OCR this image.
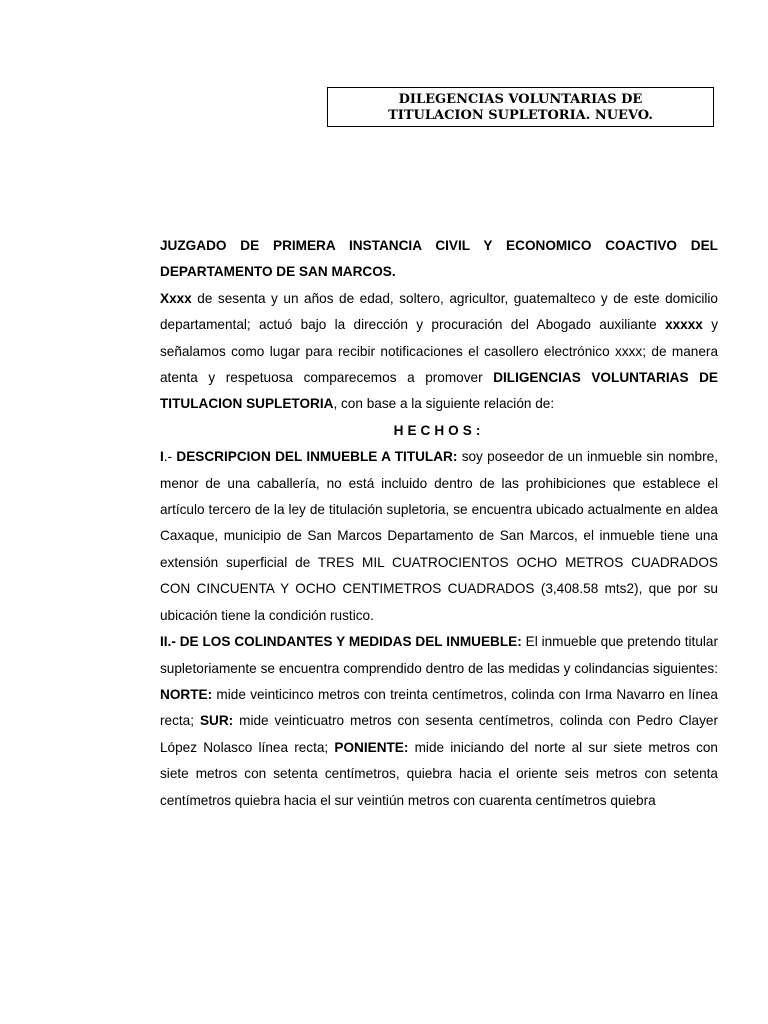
DILEGENCIAS VOLUNTARIAS DE
TITULACION SUPLETORIA. NUEVO.

JUZGADO DE PRIMERA INSTANCIA CIVIL Y ECONOMICO COACTIVO DEL DEPARTAMENTO DE SAN MARCOS.

Xxxx de sesenta y un años de edad, soltero, agricultor, guatemalteco y de este domicilio departamental; actuó bajo la dirección y procuración del Abogado auxiliante xxxxx y señalamos como lugar para recibir notificaciones el casollero electrónico xxxx; de manera atenta y respetuosa comparecemos a promover DILIGENCIAS VOLUNTARIAS DE TITULACION SUPLETORIA, con base a la siguiente relación de:

HECHOS:

I.- DESCRIPCION DEL INMUEBLE A TITULAR: soy poseedor de un inmueble sin nombre, menor de una caballería, no está incluido dentro de las prohibiciones que establece el artículo tercero de la ley de titulación supletoria, se encuentra ubicado actualmente en aldea Caxaque, municipio de San Marcos Departamento de San Marcos, el inmueble tiene una extensión superficial de TRES MIL CUATROCIENTOS OCHO METROS CUADRADOS CON CINCUENTA Y OCHO CENTIMETROS CUADRADOS (3,408.58 mts2), que por su ubicación tiene la condición rustico.

II.- DE LOS COLINDANTES Y MEDIDAS DEL INMUEBLE: El inmueble que pretendo titular supletoriamente se encuentra comprendido dentro de las medidas y colindancias siguientes: NORTE: mide veinticinco metros con treinta centímetros, colinda con Irma Navarro en línea recta; SUR: mide veinticuatro metros con sesenta centímetros, colinda con Pedro Clayer López Nolasco línea recta; PONIENTE: mide iniciando del norte al sur siete metros con siete metros con setenta centímetros, quiebra hacia el oriente seis metros con setenta centímetros quiebra hacia el sur veintiún metros con cuarenta centímetros quiebra
